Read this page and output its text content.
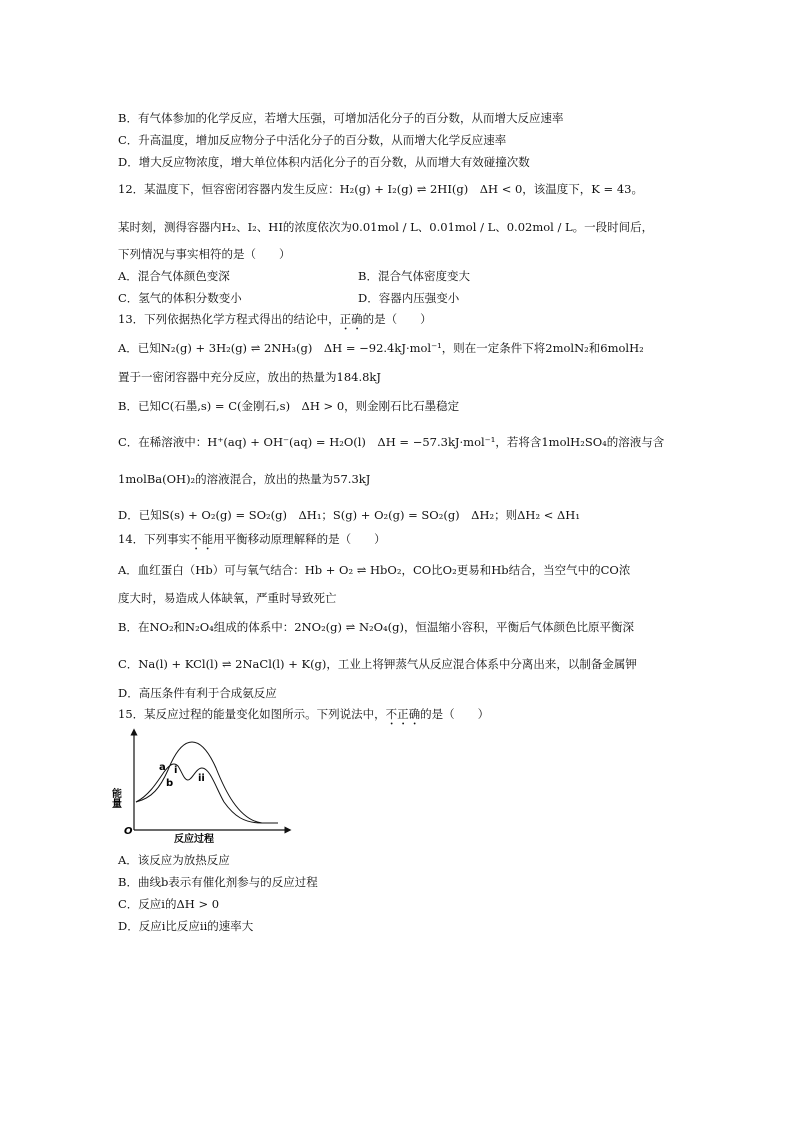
B．有气体参加的化学反应，若增大压强，可增加活化分子的百分数，从而增大反应速率
C．升高温度，增加反应物分子中活化分子的百分数，从而增大化学反应速率
D．增大反应物浓度，增大单位体积内活化分子的百分数，从而增大有效碰撞次数
12．某温度下，恒容密闭容器内发生反应：H₂(g) + I₂(g) ⇌ 2HI(g)　ΔH < 0，该温度下，K = 43。
某时刻，测得容器内H₂、I₂、HI的浓度依次为0.01mol / L、0.01mol / L、0.02mol / L。一段时间后，
下列情况与事实相符的是（　　）
A．混合气体颜色变深	B．混合气体密度变大
C．氢气的体积分数变小	D．容器内压强变小
13．下列依据热化学方程式得出的结论中，正确的是（　　）
A．已知N₂(g) + 3H₂(g) ⇌ 2NH₃(g)　ΔH = −92.4kJ·mol⁻¹，则在一定条件下将2molN₂和6molH₂
置于一密闭容器中充分反应，放出的热量为184.8kJ
B．已知C(石墨,s) = C(金刚石,s)　ΔH > 0，则金刚石比石墨稳定
C．在稀溶液中：H⁺(aq) + OH⁻(aq) = H₂O(l)　ΔH = −57.3kJ·mol⁻¹，若将含1molH₂SO₄的溶液与含
1molBa(OH)₂的溶液混合，放出的热量为57.3kJ
D．已知S(s) + O₂(g) = SO₂(g)　ΔH₁；S(g) + O₂(g) = SO₂(g)　ΔH₂；则ΔH₂ < ΔH₁
14．下列事实不能用平衡移动原理解释的是（　　）
A．血红蛋白（Hb）可与氧气结合：Hb + O₂ ⇌ HbO₂，CO比O₂更易和Hb结合，当空气中的CO浓
度大时，易造成人体缺氧，严重时导致死亡
B．在NO₂和N₂O₄组成的体系中：2NO₂(g) ⇌ N₂O₄(g)，恒温缩小容积，平衡后气体颜色比原平衡深
C．Na(l) + KCl(l) ⇌ 2NaCl(l) + K(g)，工业上将钾蒸气从反应混合体系中分离出来，以制备金属钾
D．高压条件有利于合成氨反应
15．某反应过程的能量变化如图所示。下列说法中，不正确的是（　　）
能量
反应过程
O
a
b
i
ii
A．该反应为放热反应
B．曲线b表示有催化剂参与的反应过程
C．反应i的ΔH > 0
D．反应i比反应ii的速率大
